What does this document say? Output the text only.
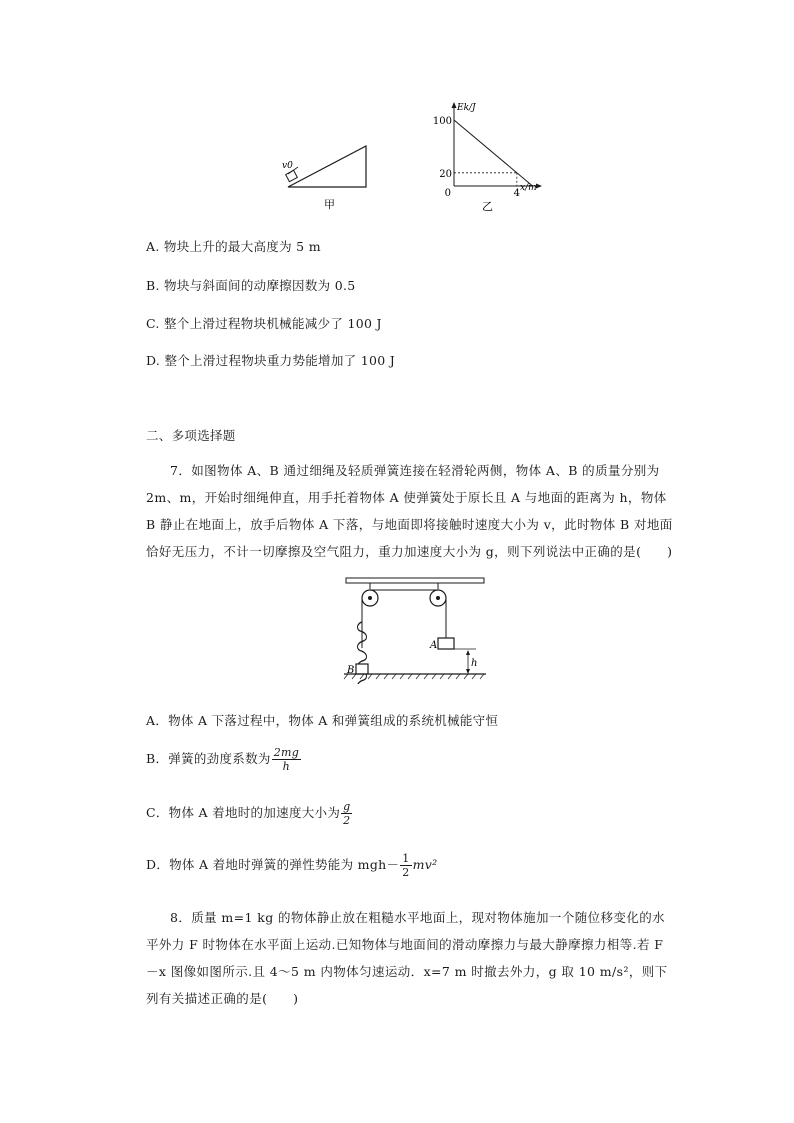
v0
甲
Ek/J
x/m
100
20
0	4
乙
A. 物块上升的最大高度为 5 m
B. 物块与斜面间的动摩擦因数为 0.5
C. 整个上滑过程物块机械能减少了 100 J
D. 整个上滑过程物块重力势能增加了 100 J
二、多项选择题
7．如图物体 A、B 通过细绳及轻质弹簧连接在轻滑轮两侧，物体 A、B 的质量分别为 2m、m，开始时细绳伸直，用手托着物体 A 使弹簧处于原长且 A 与地面的距离为 h，物体 B 静止在地面上，放手后物体 A 下落，与地面即将接触时速度大小为 v，此时物体 B 对地面恰好无压力，不计一切摩擦及空气阻力，重力加速度大小为 g，则下列说法中正确的是(　　)
A
B
h
A．物体 A 下落过程中，物体 A 和弹簧组成的系统机械能守恒
B．弹簧的劲度系数为 $\frac{2mg}{h}$
C．物体 A 着地时的加速度大小为 $\frac{g}{2}$
D．物体 A 着地时弹簧的弹性势能为 $mgh- \frac{1}{2} mv^2$
8．质量 m=1 kg 的物体静止放在粗糙水平地面上，现对物体施加一个随位移变化的水平外力 F 时物体在水平面上运动.已知物体与地面间的滑动摩擦力与最大静摩擦力相等.若 F－x 图像如图所示.且 4～5 m 内物体匀速运动．x=7 m 时撤去外力，g 取 10 m/s²，则下列有关描述正确的是(　　)
